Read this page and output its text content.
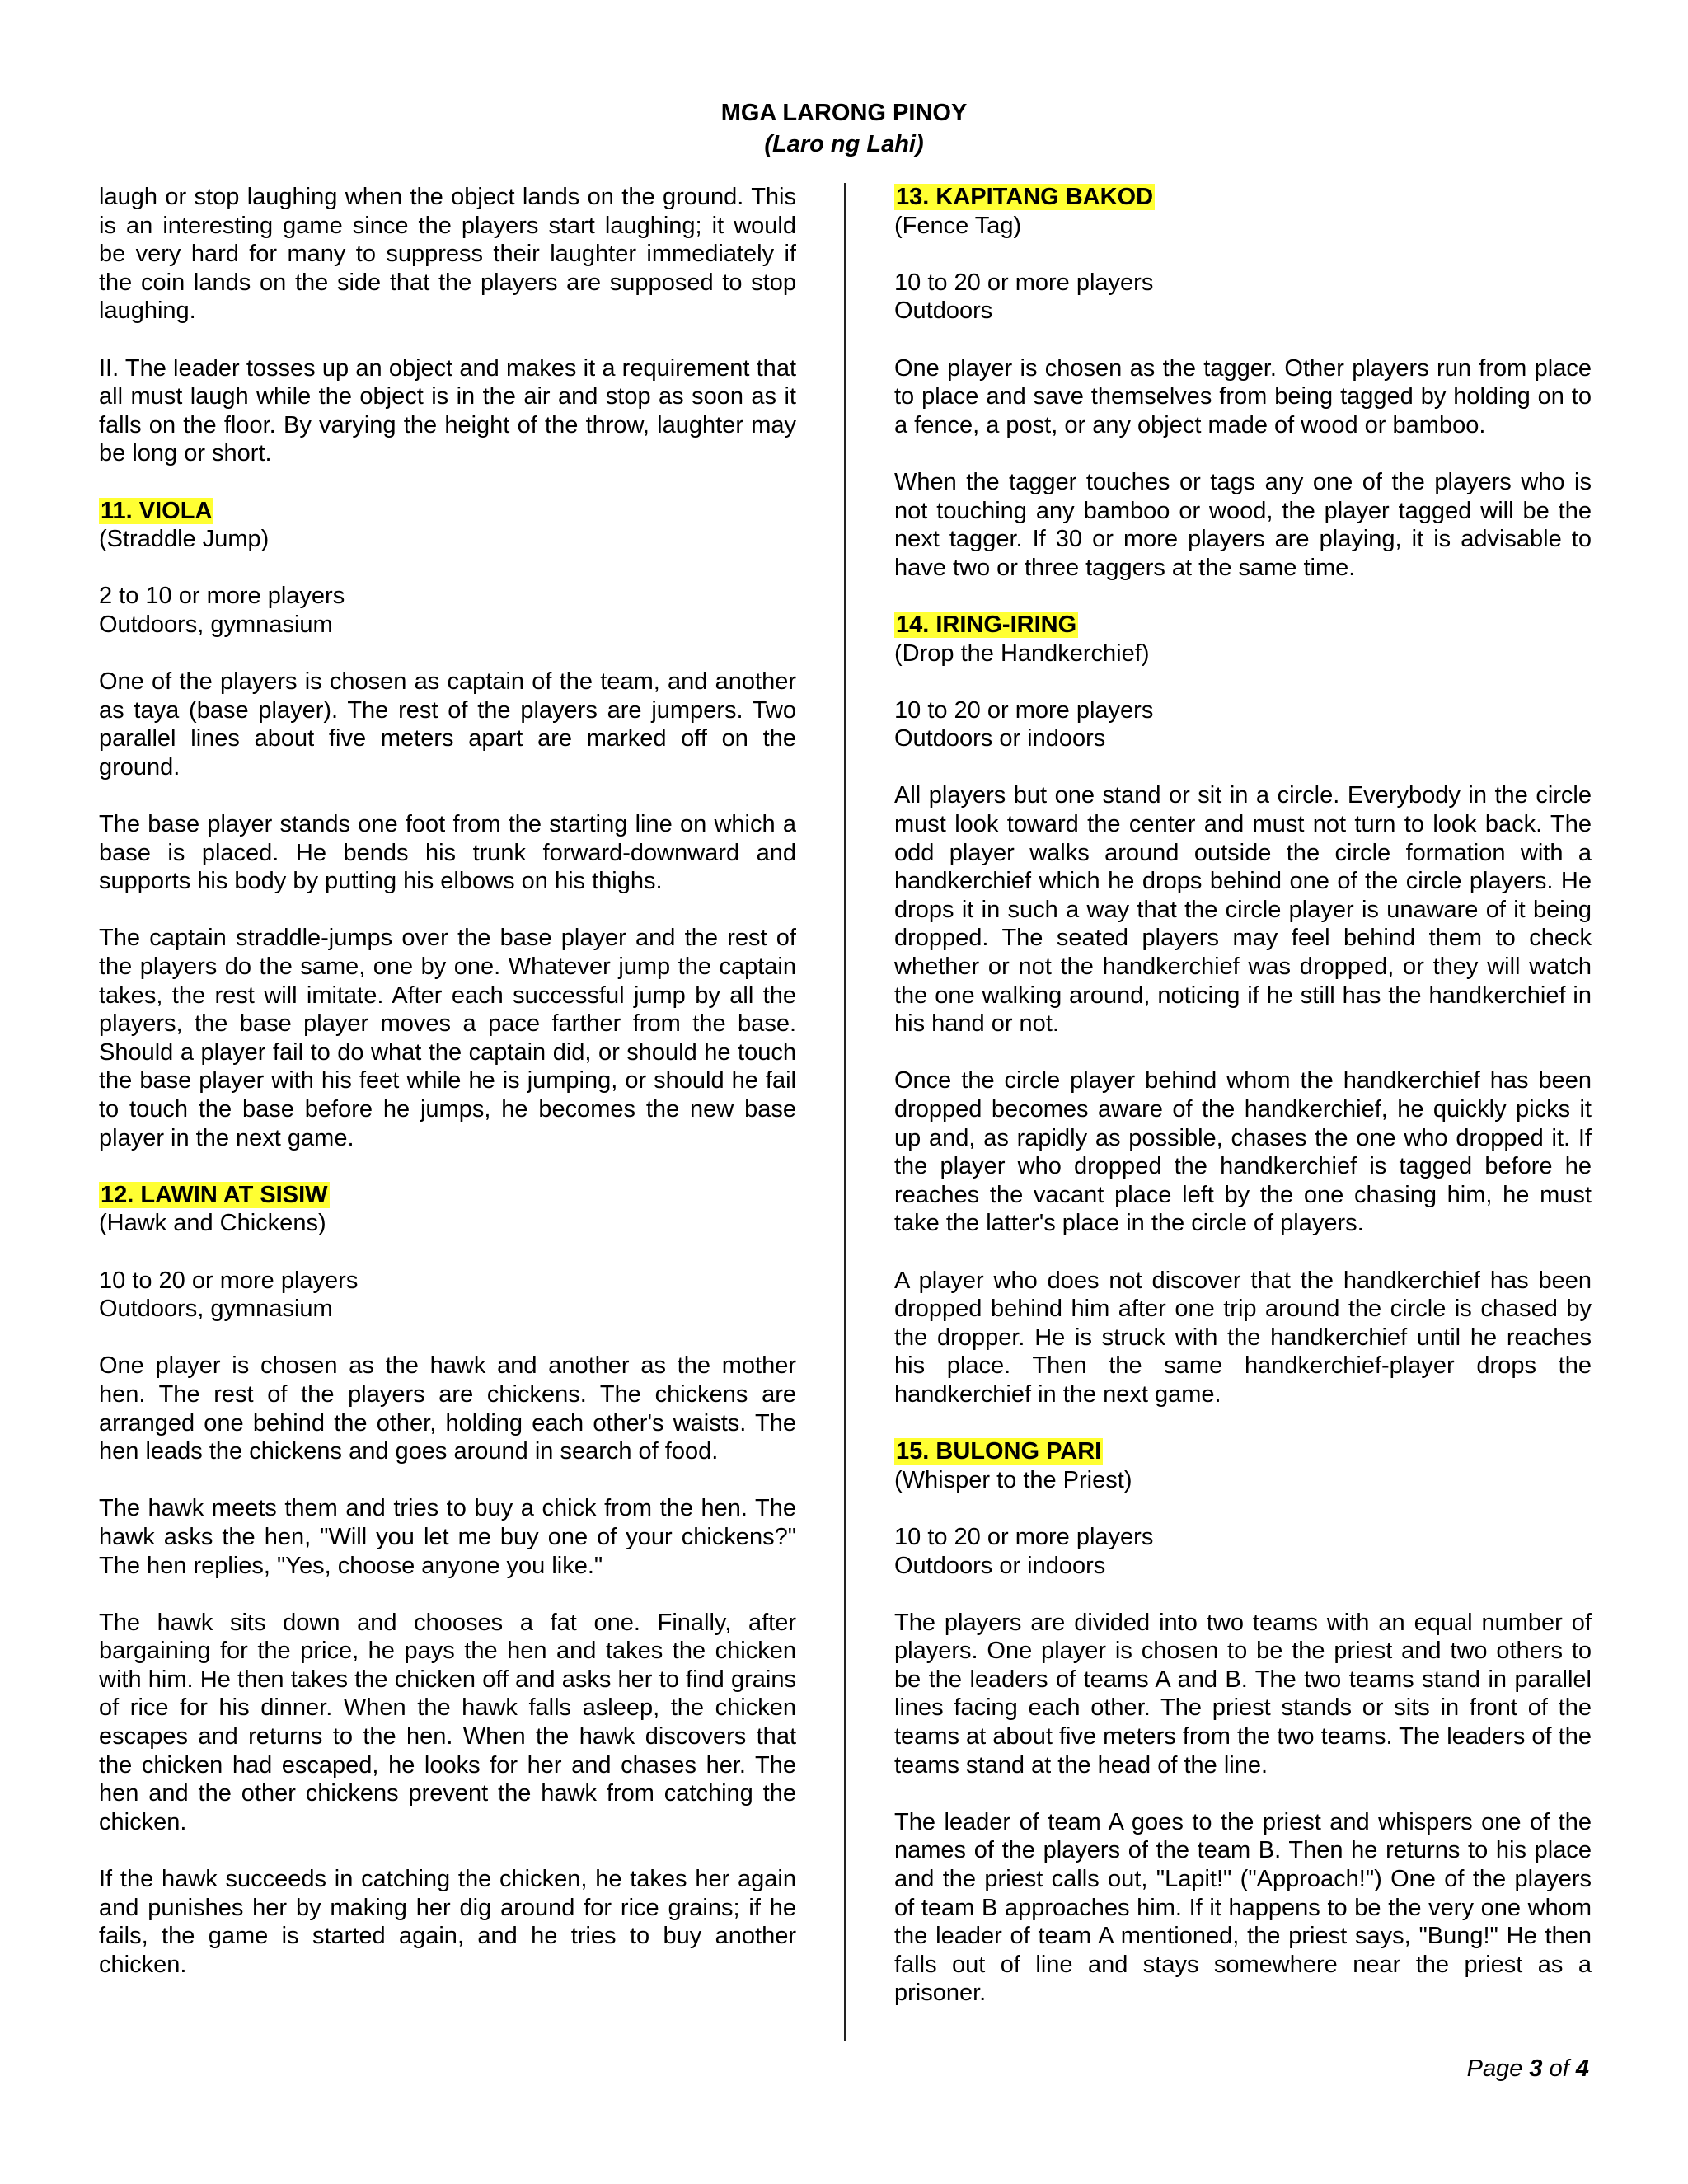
MGA LARONG PINOY
(Laro ng Lahi)

laugh or stop laughing when the object lands on the ground. This is an interesting game since the players start laughing; it would be very hard for many to suppress their laughter immediately if the coin lands on the side that the players are supposed to stop laughing.

II. The leader tosses up an object and makes it a requirement that all must laugh while the object is in the air and stop as soon as it falls on the floor. By varying the height of the throw, laughter may be long or short.

11. VIOLA
(Straddle Jump)
2 to 10 or more players
Outdoors, gymnasium

One of the players is chosen as captain of the team, and another as taya (base player). The rest of the players are jumpers. Two parallel lines about five meters apart are marked off on the ground.

The base player stands one foot from the starting line on which a base is placed. He bends his trunk forward-downward and supports his body by putting his elbows on his thighs.

The captain straddle-jumps over the base player and the rest of the players do the same, one by one. Whatever jump the captain takes, the rest will imitate. After each successful jump by all the players, the base player moves a pace farther from the base. Should a player fail to do what the captain did, or should he touch the base player with his feet while he is jumping, or should he fail to touch the base before he jumps, he becomes the new base player in the next game.

12. LAWIN AT SISIW
(Hawk and Chickens)
10 to 20 or more players
Outdoors, gymnasium

One player is chosen as the hawk and another as the mother hen. The rest of the players are chickens. The chickens are arranged one behind the other, holding each other's waists. The hen leads the chickens and goes around in search of food.

The hawk meets them and tries to buy a chick from the hen. The hawk asks the hen, "Will you let me buy one of your chickens?" The hen replies, "Yes, choose anyone you like."

The hawk sits down and chooses a fat one. Finally, after bargaining for the price, he pays the hen and takes the chicken with him. He then takes the chicken off and asks her to find grains of rice for his dinner. When the hawk falls asleep, the chicken escapes and returns to the hen. When the hawk discovers that the chicken had escaped, he looks for her and chases her. The hen and the other chickens prevent the hawk from catching the chicken.

If the hawk succeeds in catching the chicken, he takes her again and punishes her by making her dig around for rice grains; if he fails, the game is started again, and he tries to buy another chicken.

13. KAPITANG BAKOD
(Fence Tag)
10 to 20 or more players
Outdoors

One player is chosen as the tagger. Other players run from place to place and save themselves from being tagged by holding on to a fence, a post, or any object made of wood or bamboo.

When the tagger touches or tags any one of the players who is not touching any bamboo or wood, the player tagged will be the next tagger. If 30 or more players are playing, it is advisable to have two or three taggers at the same time.

14. IRING-IRING
(Drop the Handkerchief)
10 to 20 or more players
Outdoors or indoors

All players but one stand or sit in a circle. Everybody in the circle must look toward the center and must not turn to look back. The odd player walks around outside the circle formation with a handkerchief which he drops behind one of the circle players. He drops it in such a way that the circle player is unaware of it being dropped. The seated players may feel behind them to check whether or not the handkerchief was dropped, or they will watch the one walking around, noticing if he still has the handkerchief in his hand or not.

Once the circle player behind whom the handkerchief has been dropped becomes aware of the handkerchief, he quickly picks it up and, as rapidly as possible, chases the one who dropped it. If the player who dropped the handkerchief is tagged before he reaches the vacant place left by the one chasing him, he must take the latter's place in the circle of players.

A player who does not discover that the handkerchief has been dropped behind him after one trip around the circle is chased by the dropper. He is struck with the handkerchief until he reaches his place. Then the same handkerchief-player drops the handkerchief in the next game.

15. BULONG PARI
(Whisper to the Priest)
10 to 20 or more players
Outdoors or indoors

The players are divided into two teams with an equal number of players. One player is chosen to be the priest and two others to be the leaders of teams A and B. The two teams stand in parallel lines facing each other. The priest stands or sits in front of the teams at about five meters from the two teams. The leaders of the teams stand at the head of the line.

The leader of team A goes to the priest and whispers one of the names of the players of the team B. Then he returns to his place and the priest calls out, "Lapit!" ("Approach!") One of the players of team B approaches him. If it happens to be the very one whom the leader of team A mentioned, the priest says, "Bung!" He then falls out of line and stays somewhere near the priest as a prisoner.

Page 3 of 4
